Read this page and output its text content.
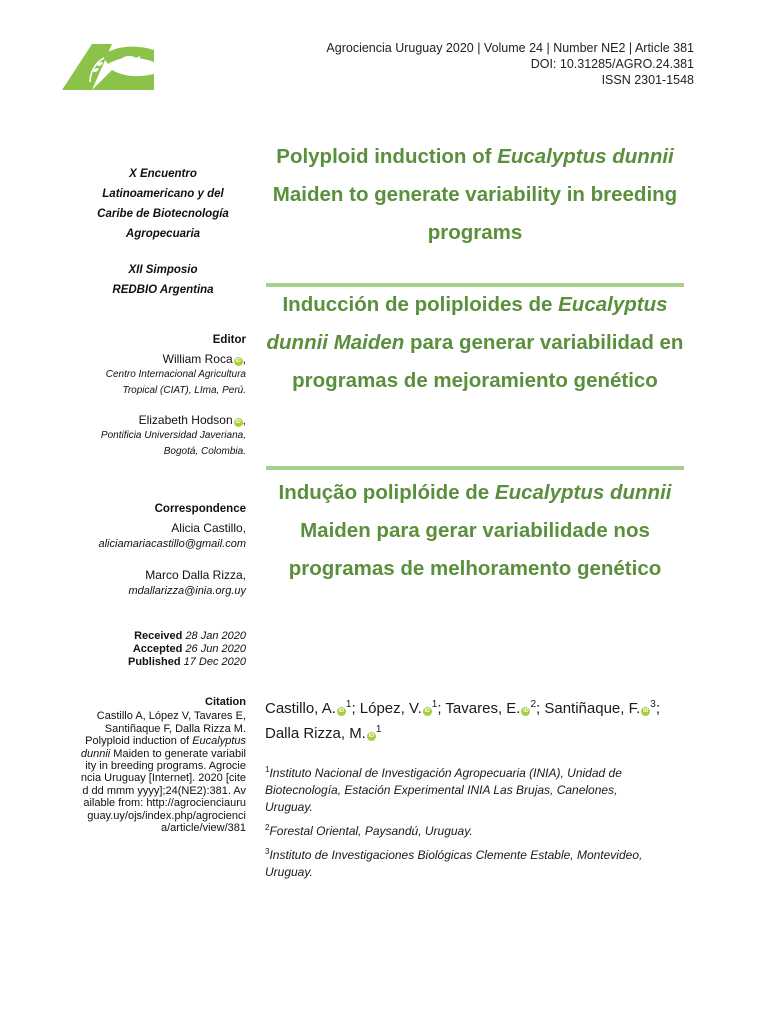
Agrociencia Uruguay 2020 | Volume 24 | Number NE2 | Article 381
DOI: 10.31285/AGRO.24.381
ISSN 2301-1548

X Encuentro Latinoamericano y del Caribe de Biotecnología Agropecuaria

XII Simposio REDBIO Argentina

Editor
William Roca iD ,
Centro Internacional Agricultura Tropical (CIAT), LIma, Perú.
Elizabeth Hodson iD ,
Pontificia Universidad Javeriana, Bogotá, Colombia.
Correspondence
Alicia Castillo,
aliciamariacastillo@gmail.com
Marco Dalla Rizza,
mdallarizza@inia.org.uy
Received 28 Jan 2020
Accepted 26 Jun 2020
Published 17 Dec 2020
Citation
Castillo A, López V, Tavares E, Santiñaque F, Dalla Rizza M. Polyploid induction of Eucalyptus dunnii Maiden to generate variability in breeding programs. Agrociencia Uruguay [Internet]. 2020 [cited dd mmm yyyy];24(NE2):381. Available from: http://agrocienciauruguay.uy/ojs/index.php/agrociencia/article/view/381
Polyploid induction of Eucalyptus dunnii Maiden to generate variability in breeding programs
Inducción de poliploides de Eucalyptus dunnii Maiden para generar variabilidad en programas de mejoramiento genético
Indução poliplóide de Eucalyptus dunnii Maiden para gerar variabilidade nos programas de melhoramento genético
Castillo, A. $iD^1$; López, V. $iD^1$; Tavares, E. $iD^2$; Santiñaque, F. $iD^3$; Dalla Rizza, M. $iD^1$
$^1$Instituto Nacional de Investigación Agropecuaria (INIA), Unidad de Biotecnología, Estación Experimental INIA Las Brujas, Canelones, Uruguay.
$^2$Forestal Oriental, Paysandú, Uruguay.
$^3$Instituto de Investigaciones Biológicas Clemente Estable, Montevideo, Uruguay.
